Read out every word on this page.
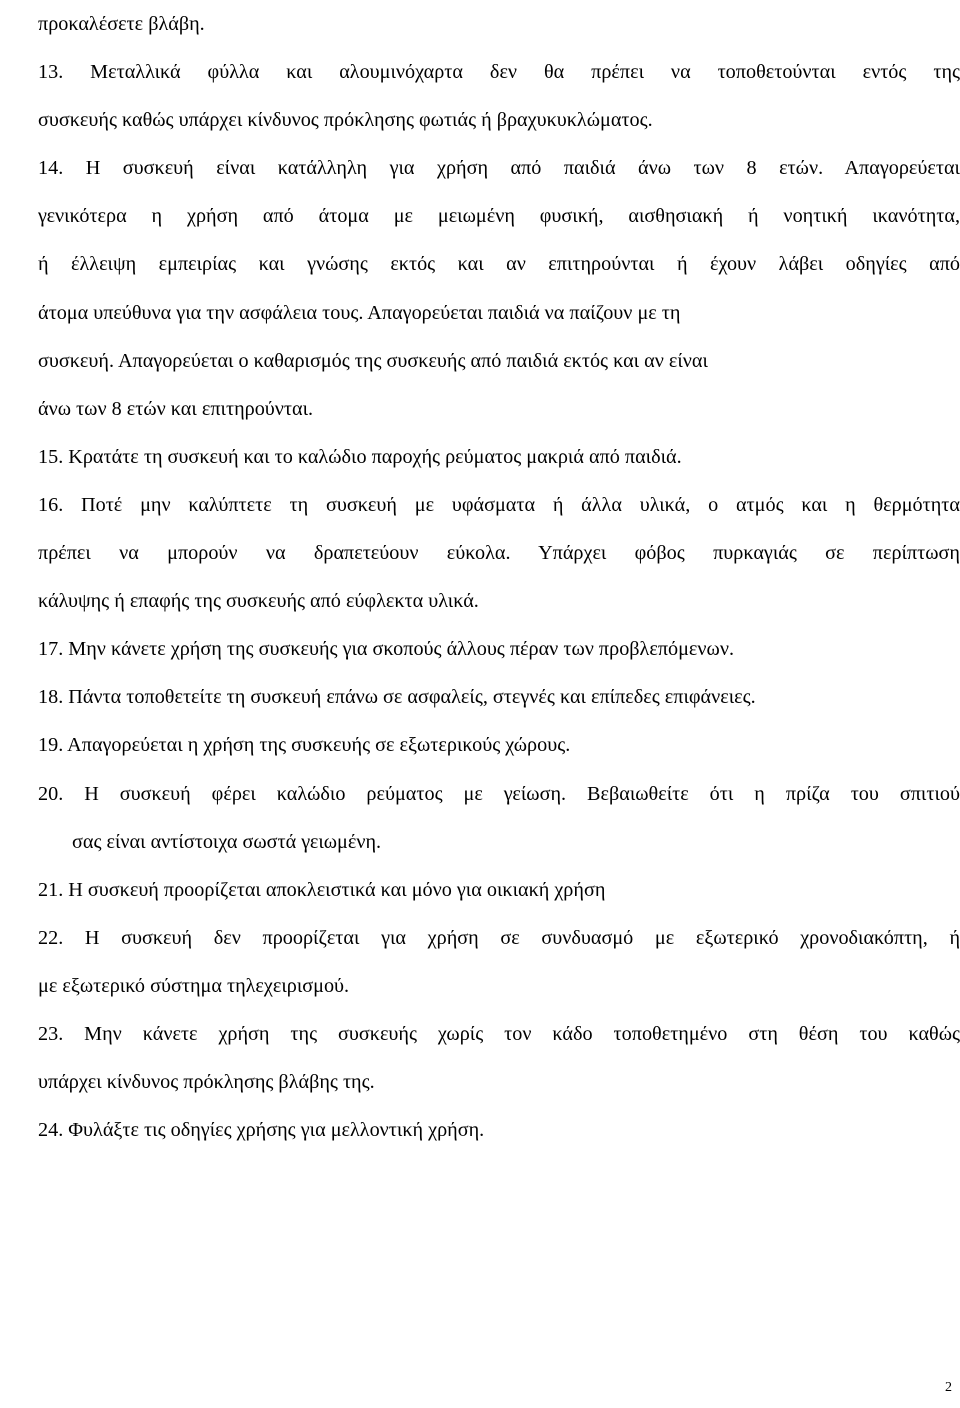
προκαλέσετε βλάβη.
13. Μεταλλικά φύλλα και αλουμινόχαρτα δεν θα πρέπει να τοποθετούνται εντός της
συσκευής καθώς υπάρχει κίνδυνος πρόκλησης φωτιάς ή βραχυκυκλώματος.
14. Η συσκευή είναι κατάλληλη για χρήση από παιδιά άνω των 8 ετών. Απαγορεύεται
γενικότερα η χρήση από άτομα με μειωμένη φυσική, αισθησιακή ή νοητική ικανότητα,
ή έλλειψη εμπειρίας και γνώσης εκτός και αν επιτηρούνται ή έχουν λάβει οδηγίες από
άτομα υπεύθυνα για την ασφάλεια τους. Απαγορεύεται παιδιά να παίζουν με τη
συσκευή. Απαγορεύεται ο καθαρισμός της συσκευής από παιδιά εκτός και αν είναι
άνω των 8 ετών και επιτηρούνται.
15. Κρατάτε τη συσκευή και το καλώδιο παροχής ρεύματος μακριά από παιδιά.
16. Ποτέ μην καλύπτετε τη συσκευή με υφάσματα ή άλλα υλικά, ο ατμός και η θερμότητα
πρέπει να μπορούν να δραπετεύουν εύκολα. Υπάρχει φόβος πυρκαγιάς σε περίπτωση
κάλυψης ή επαφής της συσκευής από εύφλεκτα υλικά.
17. Μην κάνετε χρήση της συσκευής για σκοπούς άλλους πέραν των προβλεπόμενων.
18. Πάντα τοποθετείτε τη συσκευή επάνω σε ασφαλείς, στεγνές και επίπεδες επιφάνειες.
19. Απαγορεύεται η χρήση της συσκευής σε εξωτερικούς χώρους.
20. Η συσκευή φέρει καλώδιο ρεύματος με γείωση. Βεβαιωθείτε ότι η πρίζα του σπιτιού
σας είναι αντίστοιχα σωστά γειωμένη.
21. Η συσκευή προορίζεται αποκλειστικά και μόνο για οικιακή χρήση
22. Η συσκευή δεν προορίζεται για χρήση σε συνδυασμό με εξωτερικό χρονοδιακόπτη, ή
με εξωτερικό σύστημα τηλεχειρισμού.
23. Μην κάνετε χρήση της συσκευής χωρίς τον κάδο τοποθετημένο στη θέση του καθώς
υπάρχει κίνδυνος πρόκλησης βλάβης της.
24. Φυλάξτε τις οδηγίες χρήσης για μελλοντική χρήση.
2
